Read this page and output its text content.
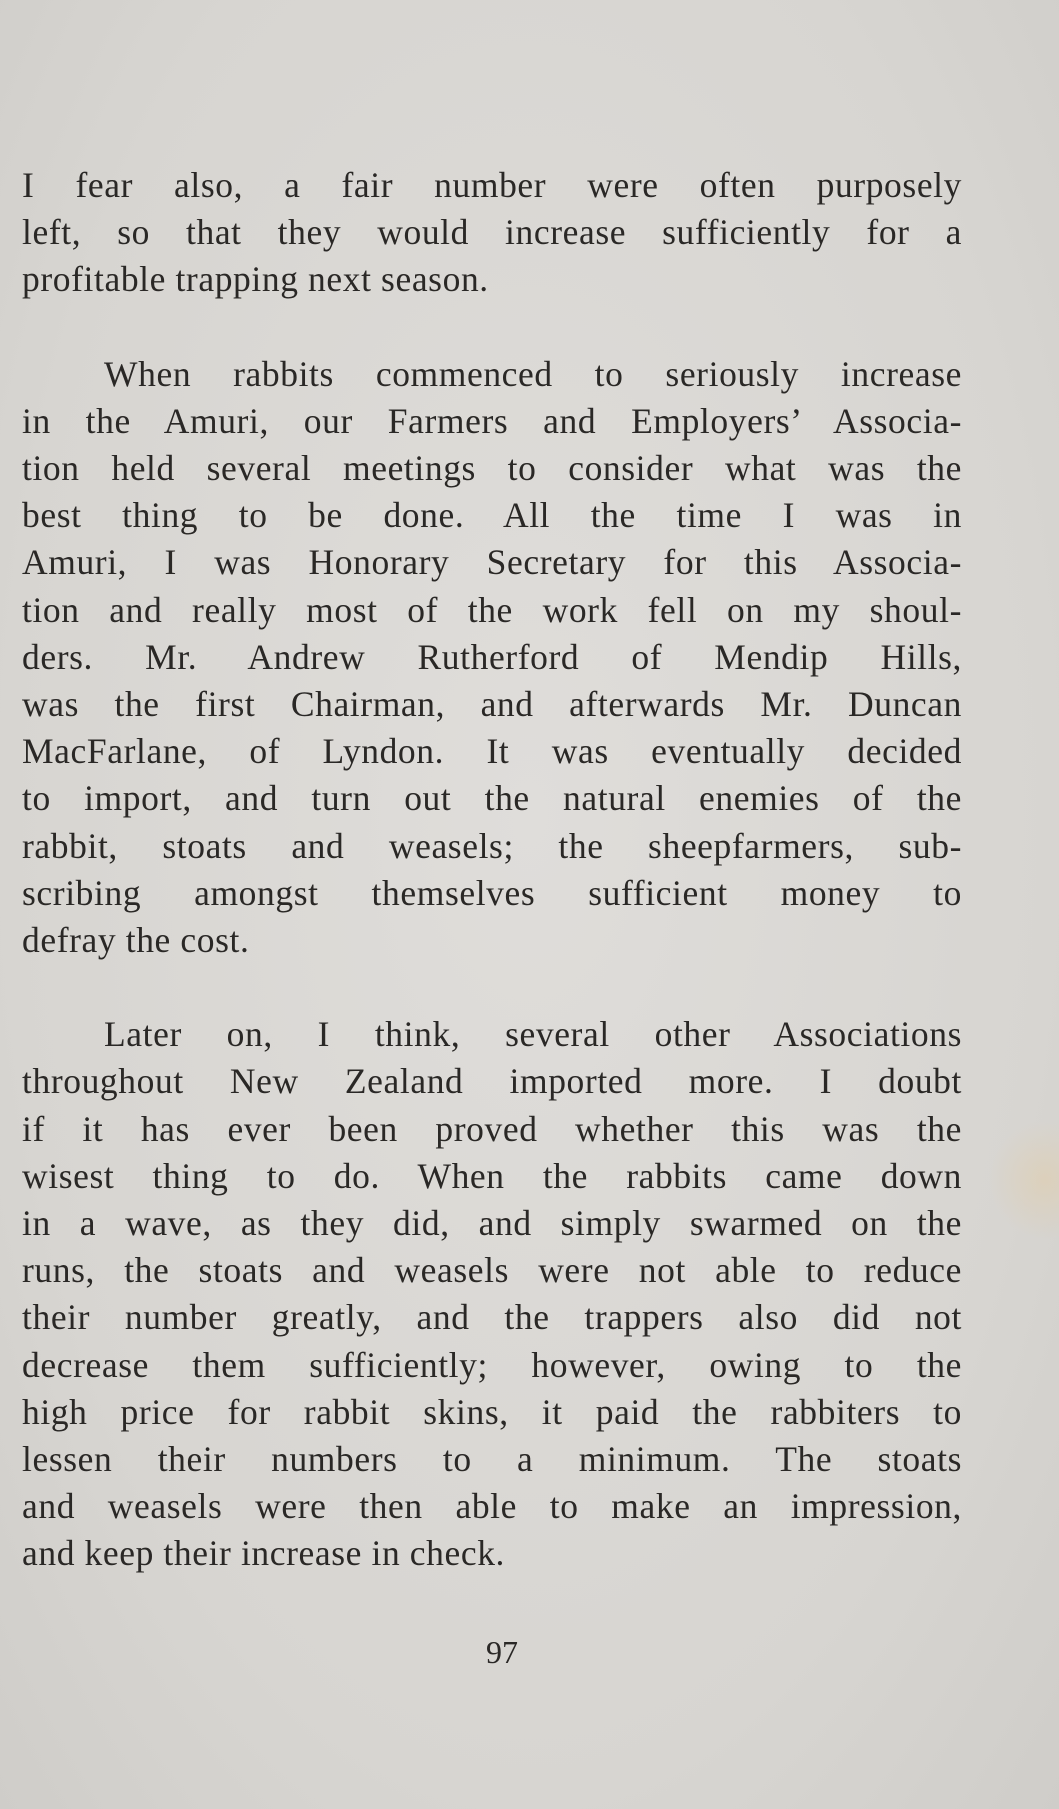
I fear also, a fair number were often purposely
left, so that they would increase sufficiently for a
profitable trapping next season.
When rabbits commenced to seriously increase
in the Amuri, our Farmers and Employers’ Associa-
tion held several meetings to consider what was the
best thing to be done. All the time I was in
Amuri, I was Honorary Secretary for this Associa-
tion and really most of the work fell on my shoul-
ders. Mr. Andrew Rutherford of Mendip Hills,
was the first Chairman, and afterwards Mr. Duncan
MacFarlane, of Lyndon. It was eventually decided
to import, and turn out the natural enemies of the
rabbit, stoats and weasels; the sheepfarmers, sub-
scribing amongst themselves sufficient money to
defray the cost.
Later on, I think, several other Associations
throughout New Zealand imported more. I doubt
if it has ever been proved whether this was the
wisest thing to do. When the rabbits came down
in a wave, as they did, and simply swarmed on the
runs, the stoats and weasels were not able to reduce
their number greatly, and the trappers also did not
decrease them sufficiently; however, owing to the
high price for rabbit skins, it paid the rabbiters to
lessen their numbers to a minimum. The stoats
and weasels were then able to make an impression,
and keep their increase in check.
97
